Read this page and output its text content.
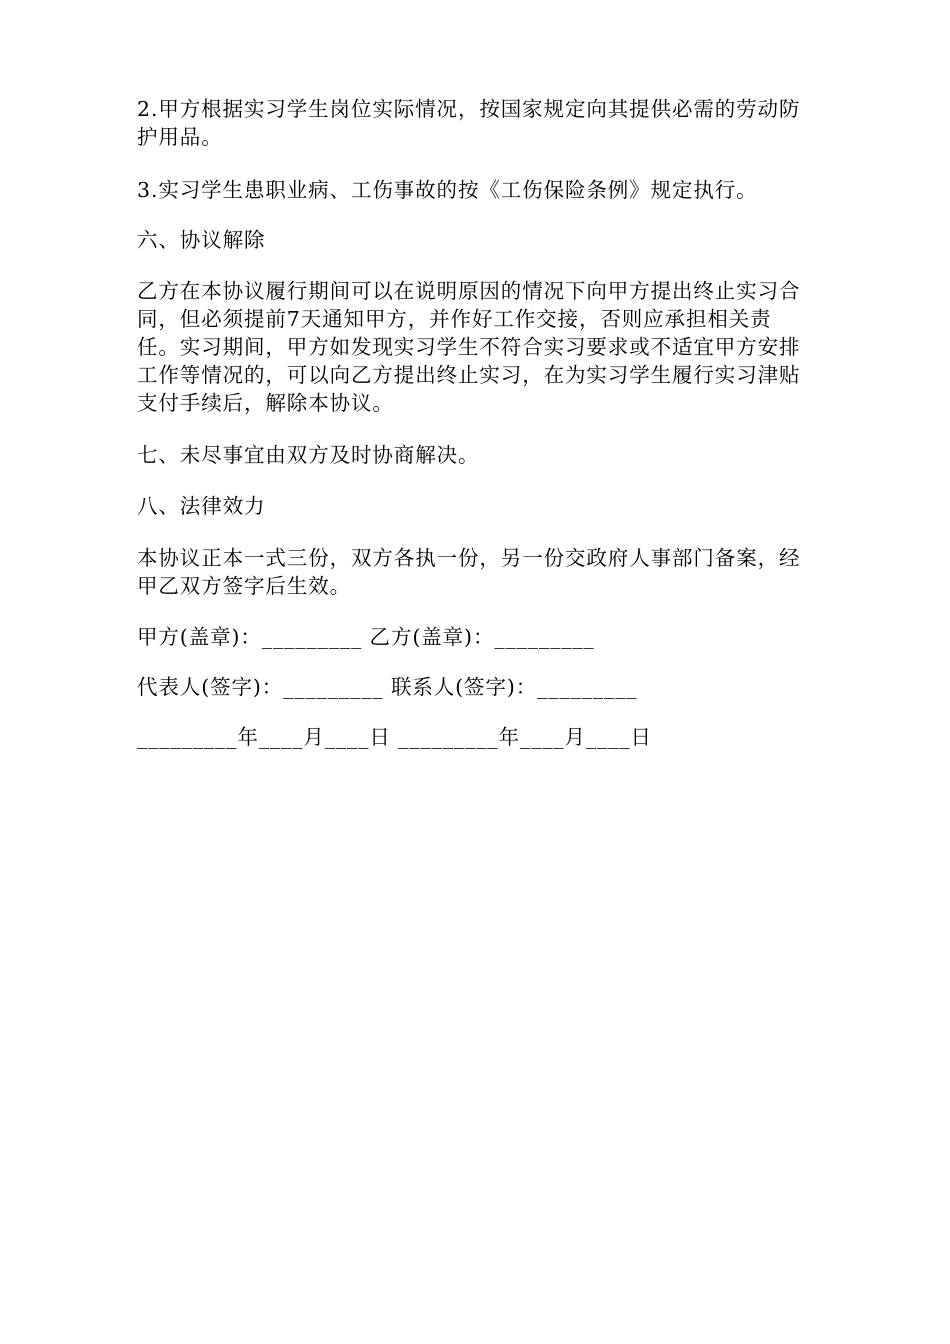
2.甲方根据实习学生岗位实际情况，按国家规定向其提供必需的劳动防护用品。

3.实习学生患职业病、工伤事故的按《工伤保险条例》规定执行。

六、协议解除

乙方在本协议履行期间可以在说明原因的情况下向甲方提出终止实习合同，但必须提前7天通知甲方，并作好工作交接，否则应承担相关责任。实习期间，甲方如发现实习学生不符合实习要求或不适宜甲方安排工作等情况的，可以向乙方提出终止实习，在为实习学生履行实习津贴支付手续后，解除本协议。

七、未尽事宜由双方及时协商解决。

八、法律效力

本协议正本一式三份，双方各执一份，另一份交政府人事部门备案，经甲乙双方签字后生效。

甲方(盖章)：_________ 乙方(盖章)：_________

代表人(签字)：_________ 联系人(签字)：_________

_________年____月____日 _________年____月____日
